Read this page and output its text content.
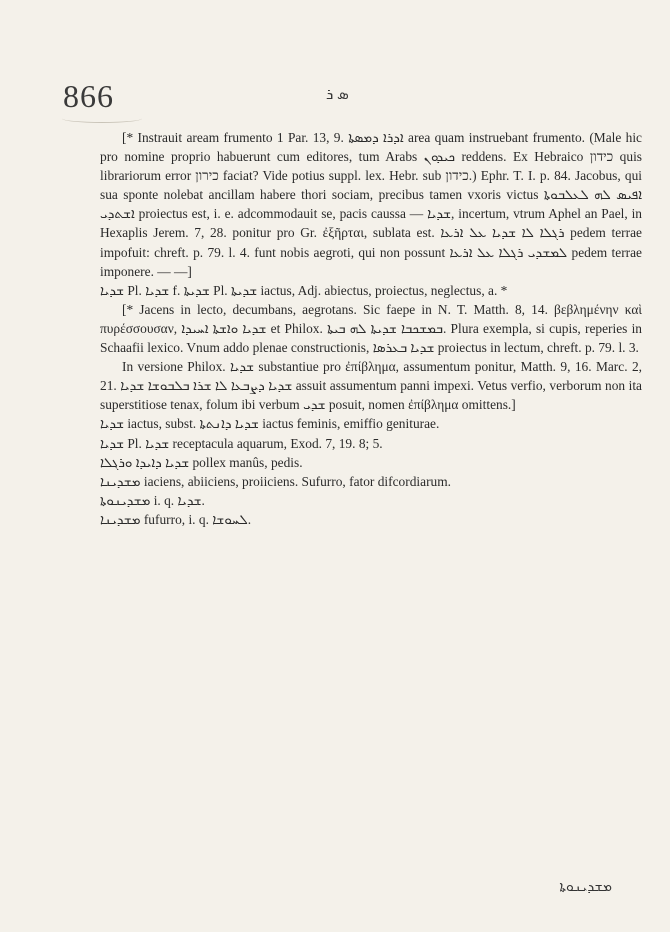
866	ܣ ܪ

[* Instrauit aream frumento 1 Par. 13, 9. ܐܕܪܐ ܕܡܣܬܐ area quam instruebant frumento. (Male hic pro nomine proprio habuerunt cum editores, tum Arabs ܟܝܕܘܢ reddens. Ex Hebraico כידון quis librariorum error כירון faciat? Vide potius suppl. lex. Hebr. sub כידון.) Ephr. T. I. p. 84. Jacobus, qui sua sponte nolebat ancillam habere thori sociam, precibus tamen vxoris victus ܐܦܝܣ ܠܗ ܠܥܠܒܘܬܐ ܐܫܬܕܝ proiectus est, i. e. adcommodauit se, pacis caussa — ܫܕܝܐ, incertum, vtrum Aphel an Pael, in Hexaplis Jerem. 7, 28. ponitur pro Gr. ἐξῆρται, sublata est. ܪܓܠܐ ܠܐ ܫܕܝܐ ܥܠ ܐܪܥܐ pedem terrae impofuit: chreft. p. 79. l. 4. funt nobis aegroti, qui non possunt ܠܡܫܕܝ ܪܓܠܐ ܥܠ ܐܪܥܐ pedem terrae imponere. — —]

ܫܕܝܐ Pl. ܫܕܝܐ f. ܫܕܝܬܐ Pl. ܫܕܝܬܐ iactus, Adj. abiectus, proiectus, neglectus, a. *

[* Jacens in lecto, decumbans, aegrotans. Sic faepe in N. T. Matth. 8, 14. βεβλημένην καὶ πυρέσσουσαν, ܫܕܝܐ ܘܐܫܬܐ ܐܚܝܕܐ et Philox. ܒܡܫܟܒܐ ܫܕܝܬܐ ܠܗ ܒܝܬܐ. Plura exempla, si cupis, reperies in Schaafii lexico. Vnum addo plenae constructionis, ܫܕܝܐ ܒܥܪܣܐ proiectus in lectum, chreft. p. 79. l. 3.

In versione Philox. ܫܕܝܐ substantiue pro ἐπίβλημα, assumentum ponitur, Matth. 9, 16. Marc. 2, 21. ܫܕܝܐ ܕܨܒܥܐ ܠܐ ܫܪܐ ܒܠܒܘܫܐ ܫܕܝܐ assuit assumentum panni impexi. Vetus verfio, verborum non ita superstitiose tenax, folum ibi verbum ܫܕܝ posuit, nomen ἐπίβλημα omittens.]

ܫܕܝܐ iactus, subst. ܫܕܝܐ ܕܐܢܬܬܐ iactus feminis, emiffio geniturae.

ܫܕܝܐ Pl. ܫܕܝܐ receptacula aquarum, Exod. 7, 19. 8; 5.

ܫܕܝܐ ܕܐܝܕܐ ܘܪܓܠܐ pollex manûs, pedis.

ܡܫܕܝܢܐ iaciens, abiiciens, proiiciens. Sufurro, fator difcordiarum.

ܡܫܕܝܢܘܬܐ i. q. ܫܕܝܐ.

ܡܫܕܝܢܐ fufurro, i. q. ܠܚܘܫܐ.

ܡܫܕܝܢܘܬܐ
